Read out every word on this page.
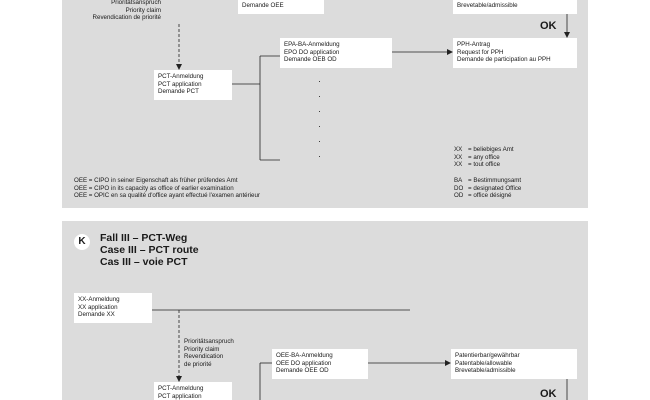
Prioritätsanspruch
Priority claim
Revendication de priorité
Demande OEE	Brevetable/admissible
OK
PCT-Anmeldung
PCT application
Demande PCT
EPA-BA-Anmeldung
EPO DO application
Demande OEB OD
PPH-Antrag
Request for PPH
Demande de participation au PPH
·
·
·
·
·
·
XX = beliebiges Amt
XX = any office
XX = tout office
BA = Bestimmungsamt
DO = designated Office
OD = office désigné
OEE = CIPO in seiner Eigenschaft als früher prüfendes Amt
OEE = CIPO in its capacity as office of earlier examination
OEE = OPIC en sa qualité d'office ayant effectué l'examen antérieur
K	Fall III – PCT-Weg
Case III – PCT route
Cas III – voie PCT
XX-Anmeldung
XX application
Demande XX
Prioritätsanspruch
Priority claim
Revendication
de priorité
OEE-BA-Anmeldung
OEE DO application
Demande OEE OD
Patentierbar/gewährbar
Patentable/allowable
Brevetable/admissible
PCT-Anmeldung
PCT application	OK
